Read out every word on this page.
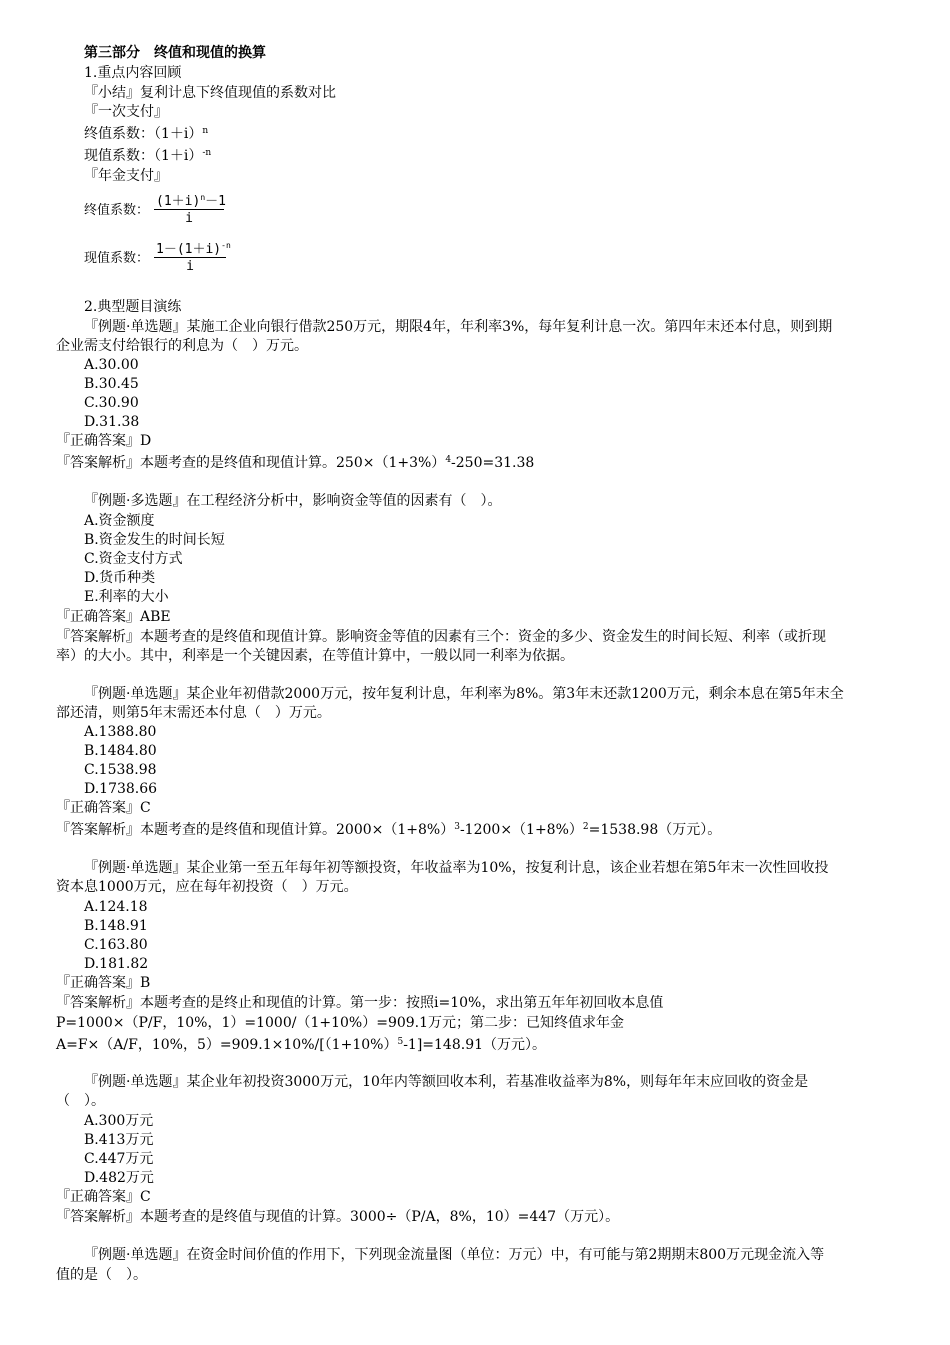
第三部分　终值和现值的换算
1.重点内容回顾
『小结』复利计息下终值现值的系数对比
『一次支付』
终值系数：$(1+i)^n$
现值系数：$(1+i)^{-n}$
『年金支付』
终值系数：
$(1+i)^n-1$
i
现值系数：
$1-(1+i)^{-n}$
i
2.典型题目演练
『例题·单选题』某施工企业向银行借款250万元，期限4年，年利率3%，每年复利计息一次。第四年末还本付息，则到期
企业需支付给银行的利息为（　）万元。
A.30.00
B.30.45
C.30.90
D.31.38
『正确答案』D
『答案解析』本题考查的是终值和现值计算。$250\times(1+3\%)^4-250=31.38$
『例题·多选题』在工程经济分析中，影响资金等值的因素有（　）。
A.资金额度
B.资金发生的时间长短
C.资金支付方式
D.货币种类
E.利率的大小
『正确答案』ABE
『答案解析』本题考查的是终值和现值计算。影响资金等值的因素有三个：资金的多少、资金发生的时间长短、利率（或折现
率）的大小。其中，利率是一个关键因素，在等值计算中，一般以同一利率为依据。
『例题·单选题』某企业年初借款2000万元，按年复利计息，年利率为8%。第3年末还款1200万元，剩余本息在第5年末全
部还清，则第5年末需还本付息（　）万元。
A.1388.80
B.1484.80
C.1538.98
D.1738.66
『正确答案』C
『答案解析』本题考查的是终值和现值计算。$2000\times(1+8\%)^3-1200\times(1+8\%)^2=1538.98$（万元）。
『例题·单选题』某企业第一至五年每年初等额投资，年收益率为10%，按复利计息，该企业若想在第5年末一次性回收投
资本息1000万元，应在每年初投资（　）万元。
A.124.18
B.148.91
C.163.80
D.181.82
『正确答案』B
『答案解析』本题考查的是终止和现值的计算。第一步：按照i=10%，求出第五年年初回收本息值
P=1000×（P/F，10%，1）=1000/（1+10%）=909.1万元；第二步：已知终值求年金
A=F×（A/F，10%，$5)=909.1\times 10\%/[(1+10\%)^5-1]=148.91$（万元）。
『例题·单选题』某企业年初投资3000万元，10年内等额回收本利，若基准收益率为8%，则每年年末应回收的资金是
（　）。
A.300万元
B.413万元
C.447万元
D.482万元
『正确答案』C
『答案解析』本题考查的是终值与现值的计算。3000÷（P/A，8%，10）=447（万元）。
『例题·单选题』在资金时间价值的作用下，下列现金流量图（单位：万元）中，有可能与第2期期末800万元现金流入等
值的是（　）。
